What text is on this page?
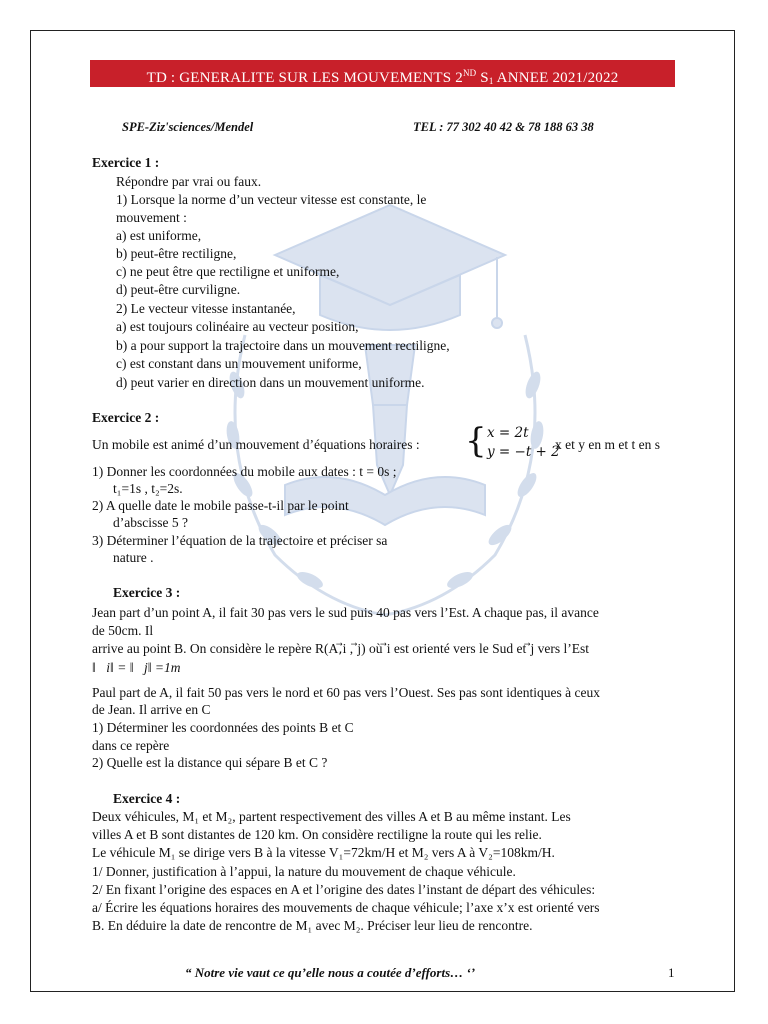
TD : GENERALITE SUR LES MOUVEMENTS 2ND $S_1$ ANNEE 2021/2022
SPE-Ziz'sciences/Mendel	TEL : 77 302 40 42 & 78 188 63 38
Exercice 1 :
Répondre par vrai ou faux.
1) Lorsque la norme d’un vecteur vitesse est constante, le
mouvement :
a) est uniforme,
b) peut-être rectiligne,
c) ne peut être que rectiligne et uniforme,
d) peut-être curviligne.
2) Le vecteur vitesse instantanée,
a) est toujours colinéaire au vecteur position,
b) a pour support la trajectoire dans un mouvement rectiligne,
c) est constant dans un mouvement uniforme,
d) peut varier en direction dans un mouvement uniforme.
Exercice 2 :
Un mobile est animé d’un mouvement d’équations horaires : { x = 2t
y = −t + 2
x et y en m et t en s
1) Donner les coordonnées du mobile aux dates : t = 0s ;
t₁=1s , t₂=2s.
2) A quelle date le mobile passe-t-il par le point
d’abscisse 5 ?
3) Déterminer l’équation de la trajectoire et préciser sa
nature .
Exercice 3 :
Jean part d’un point A, il fait 30 pas vers le sud puis 40 pas vers l’Est. A chaque pas, il avance
de 50cm. Il
arrive au point B. On considère le repère R(A,⃗i , ⃗j) où ⃗i est orienté vers le Sud et ⃗j vers l’Est
‖⃗i‖ = ‖⃗j‖ =1m
Paul part de A, il fait 50 pas vers le nord et 60 pas vers l’Ouest. Ses pas sont identiques à ceux
de Jean. Il arrive en C
1) Déterminer les coordonnées des points B et C
dans ce repère
2) Quelle est la distance qui sépare B et C ?
Exercice 4 :
Deux véhicules, M₁ et M₂, partent respectivement des villes A et B au même instant. Les
villes A et B sont distantes de 120 km. On considère rectiligne la route qui les relie.
Le véhicule M₁ se dirige vers B à la vitesse V₁=72km/H et M₂ vers A à V₂=108km/H.
1/ Donner, justification à l’appui, la nature du mouvement de chaque véhicule.
2/ En fixant l’origine des espaces en A et l’origine des dates l’instant de départ des véhicules:
a/ Écrire les équations horaires des mouvements de chaque véhicule; l’axe x’x est orienté vers
B. En déduire la date de rencontre de M₁ avec M₂. Préciser leur lieu de rencontre.
“ Notre vie vaut ce qu’elle nous a coutée d’efforts… ‘’	1
